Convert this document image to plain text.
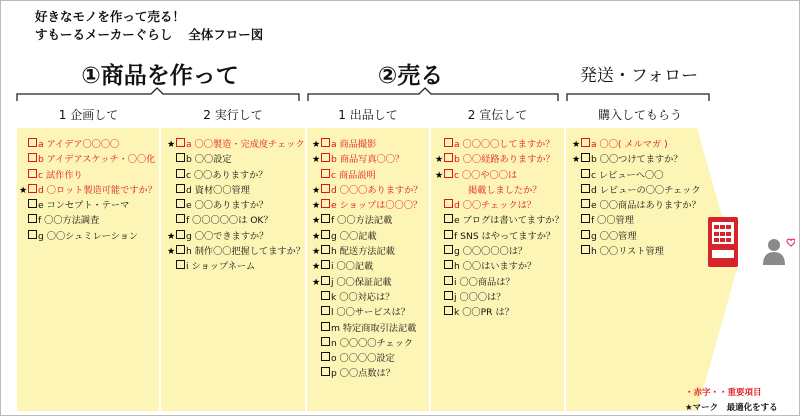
好きなモノを作って売る！
すもーるメーカーぐらし 全体フロー図
①商品を作って	②売る	発送・フォロー
1 企画して	2 実行して	1 出品して	2 宣伝して	購入してもらう
a アイデア〇〇〇〇
b アイデアスケッチ・〇〇化
c 試作作り
★ d 〇ロット製造可能ですか？
e コンセプト・テーマ
f 〇〇方法調査
g 〇〇シュミレーション
★ a 〇〇製造・完成度チェック
b 〇〇設定
c 〇〇ありますか？
d 資材〇〇管理
e 〇〇ありますか？
f 〇〇〇〇〇は OK？
★ g 〇〇できますか？
★ h 制作〇〇把握してますか？
i ショップネーム
★ a 商品撮影
★ b 商品写真〇〇？
c 商品説明
★ d 〇〇〇ありますか？
★ e ショップは〇〇〇？
★ f 〇〇方法記載
★ g 〇〇記載
★ h 配送方法記載
★ i 〇〇記載
★ j 〇〇保証記載
k 〇〇対応は？
l 〇〇サービスは？
m 特定商取引法記載
n 〇〇〇〇チェック
o 〇〇〇〇設定
p 〇〇点数は？
a 〇〇〇〇してますか？
★ b 〇〇経路ありますか？
★ c 〇〇や〇〇は
掲載しましたか？
d 〇〇チェックは？
e ブログは書いてますか？
f SNS はやってますか？
g 〇〇〇〇〇は？
h 〇〇はいますか？
i 〇〇商品は？
j 〇〇〇は？
k 〇〇PR は？
★ a 〇〇( メルマガ )
★ b 〇〇つけてますか？
c レビューへ〇〇
d レビューの〇〇チェック
e 〇〇商品はありますか？
f 〇〇管理
g 〇〇管理
h 〇〇リスト管理
・赤字・・重要項目
★マーク　最適化をする
